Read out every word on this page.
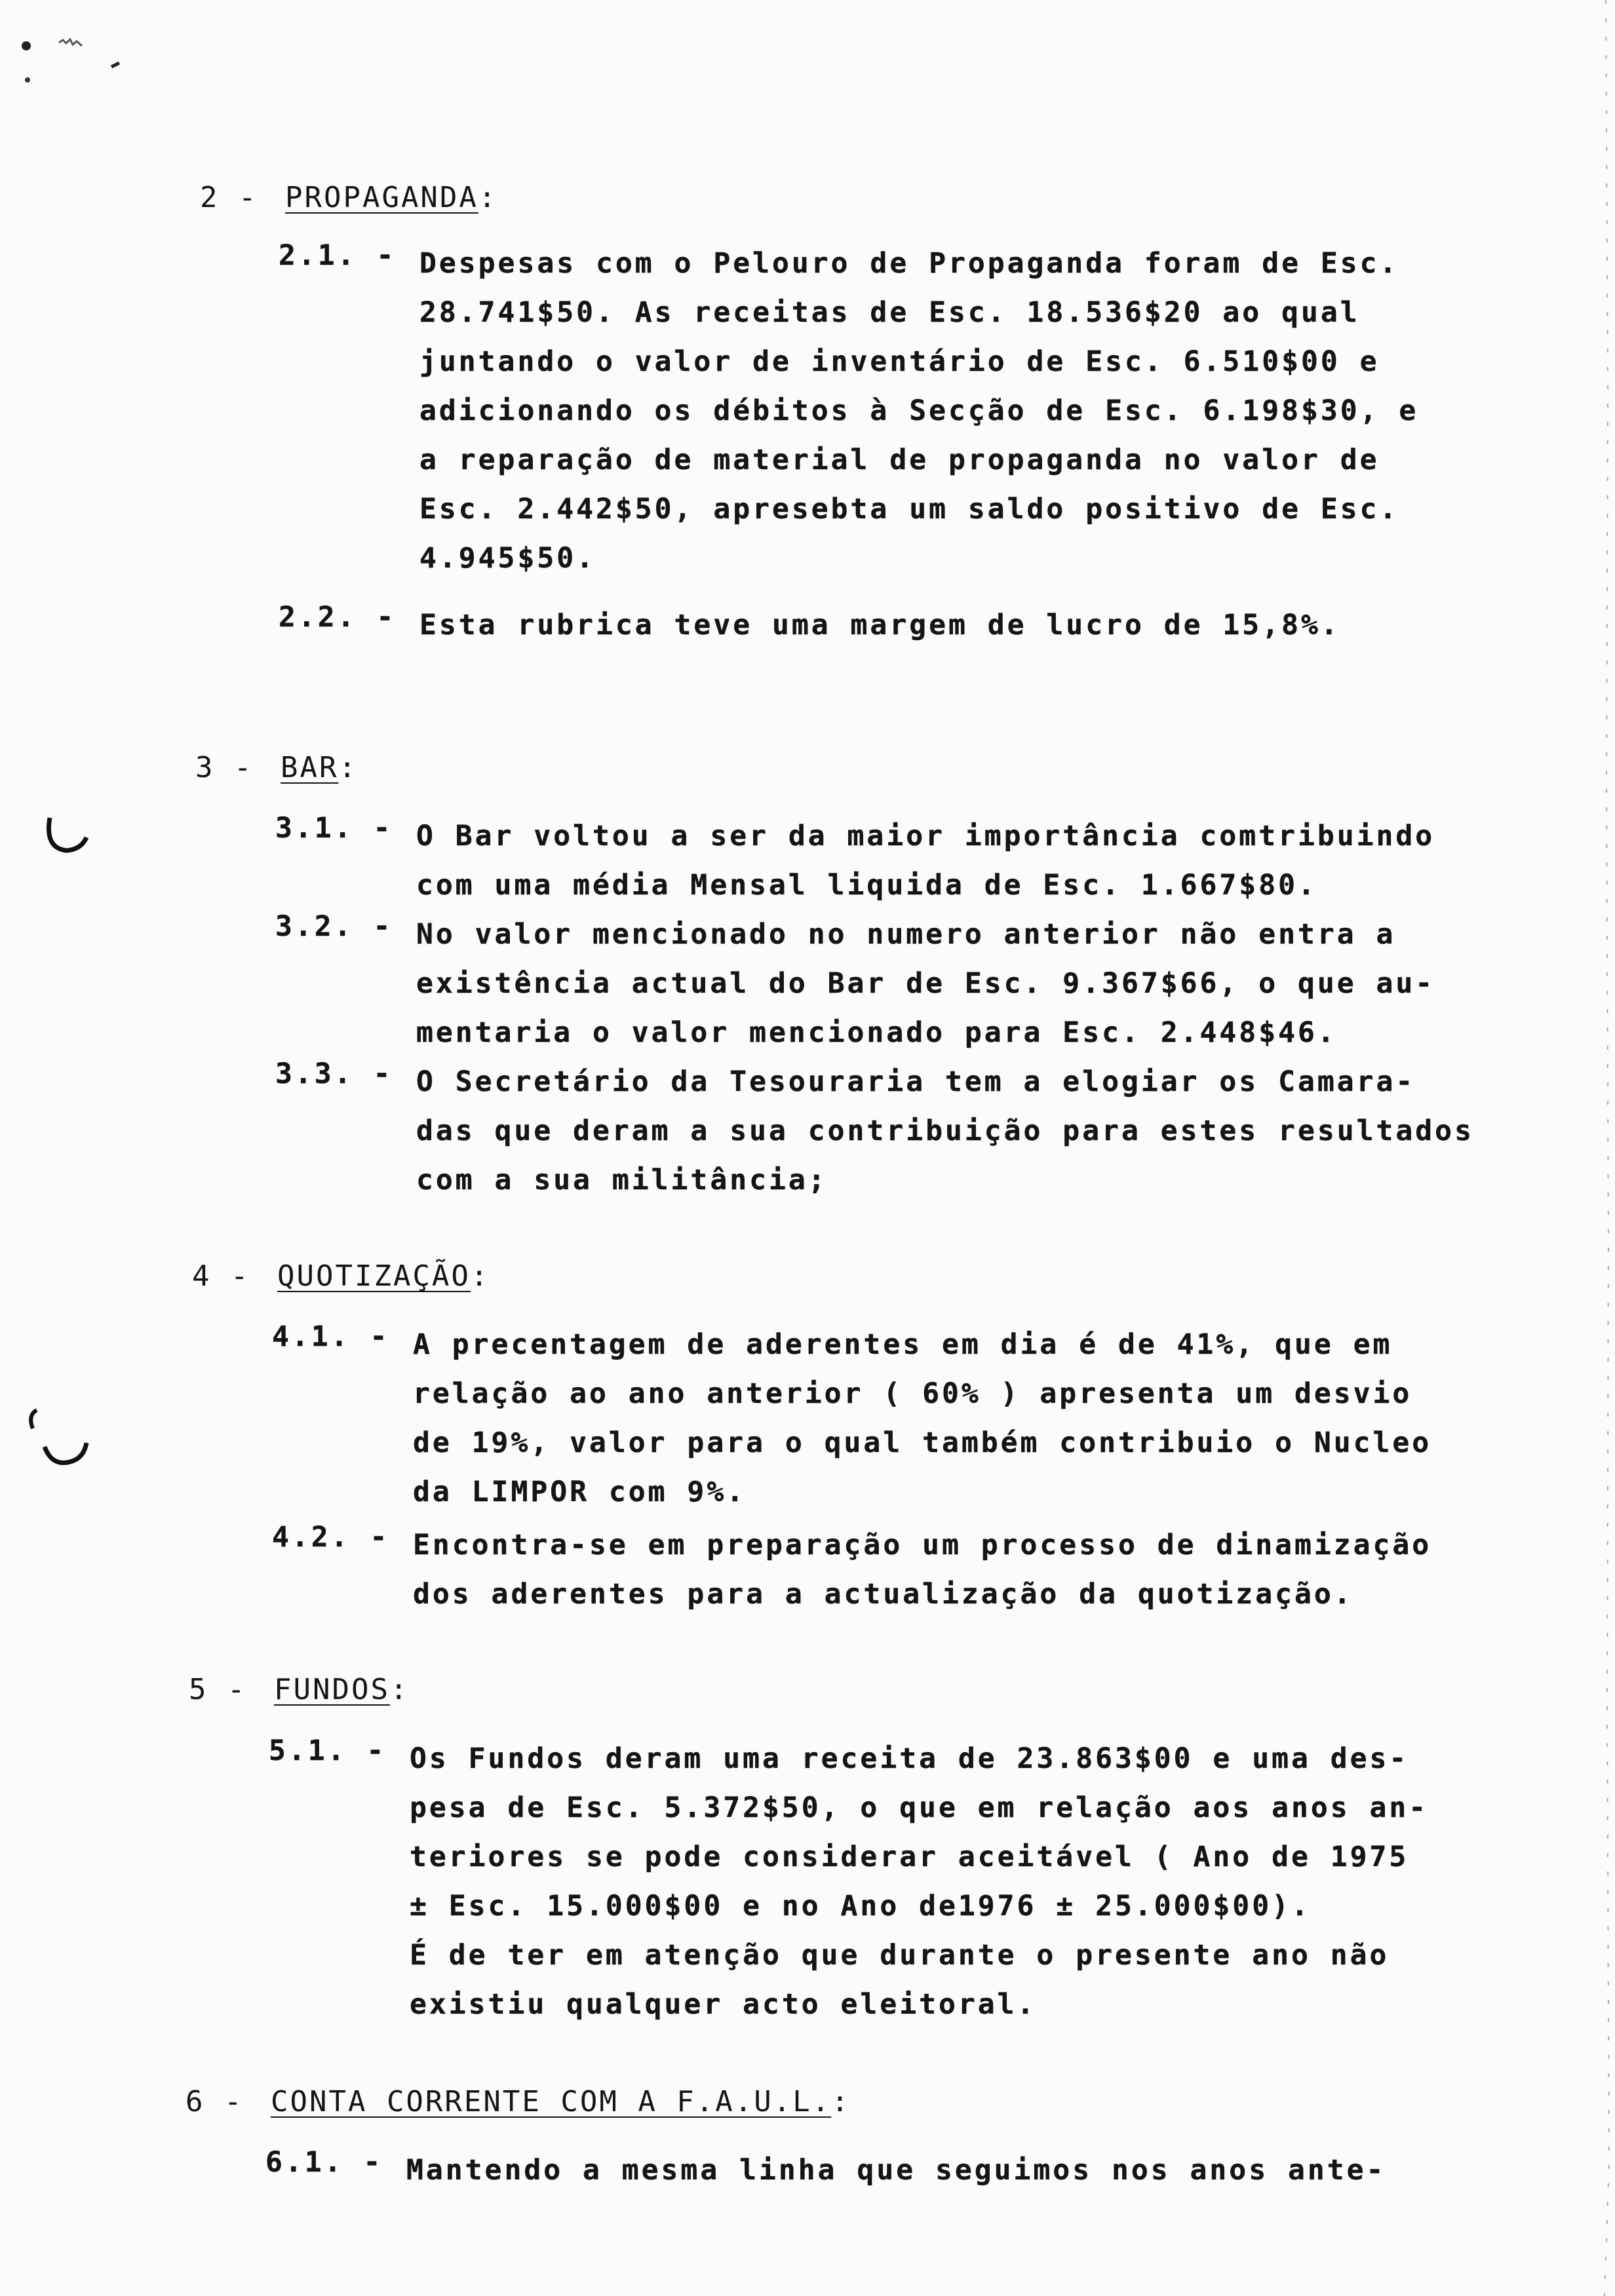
2 - PROPAGANDA:
2.1. - Despesas com o Pelouro de Propaganda foram de Esc.
28.741$50. As receitas de Esc. 18.536$20 ao qual
juntando o valor de inventário de Esc. 6.510$00 e
adicionando os débitos à Secção de Esc. 6.198$30, e
a reparação de material de propaganda no valor de
Esc. 2.442$50, apresebta um saldo positivo de Esc.
4.945$50.
2.2. - Esta rubrica teve uma margem de lucro de 15,8%.
3 - BAR:
3.1. - O Bar voltou a ser da maior importância comtribuindo
com uma média Mensal liquida de Esc. 1.667$80.
3.2. - No valor mencionado no numero anterior não entra a
existência actual do Bar de Esc. 9.367$66, o que au-
mentaria o valor mencionado para Esc. 2.448$46.
3.3. - O Secretário da Tesouraria tem a elogiar os Camara-
das que deram a sua contribuição para estes resultados
com a sua militância;
4 - QUOTIZAÇÃO:
4.1. - A precentagem de aderentes em dia é de 41%, que em
relação ao ano anterior ( 60% ) apresenta um desvio
de 19%, valor para o qual também contribuio o Nucleo
da LIMPOR com 9%.
4.2. - Encontra-se em preparação um processo de dinamização
dos aderentes para a actualização da quotização.
5 - FUNDOS:
5.1. - Os Fundos deram uma receita de 23.863$00 e uma des-
pesa de Esc. 5.372$50, o que em relação aos anos an-
teriores se pode considerar aceitável ( Ano de 1975
± Esc. 15.000$00 e no Ano de1976 ± 25.000$00).
É de ter em atenção que durante o presente ano não
existiu qualquer acto eleitoral.
6 - CONTA CORRENTE COM A F.A.U.L.:
6.1. - Mantendo a mesma linha que seguimos nos anos ante-
